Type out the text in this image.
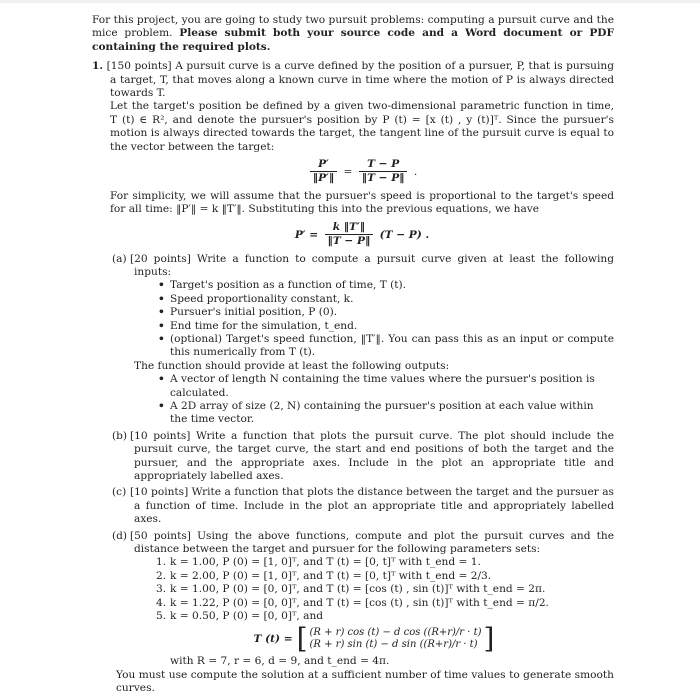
For this project, you are going to study two pursuit problems: computing a pursuit curve and the mice problem. Please submit both your source code and a Word document or PDF containing the required plots.

1. [150 points] A pursuit curve is a curve defined by the position of a pursuer, P, that is pursuing a target, T, that moves along a known curve in time where the motion of P is always directed towards T.

Let the target's position be defined by a given two-dimensional parametric function in time, T (t) ∈ R², and denote the pursuer's position by P (t) = [x (t) , y (t)]ᵀ. Since the pursuer's motion is always directed towards the target, the tangent line of the pursuit curve is equal to the vector between the target:

$\frac{P'}{‖P'‖} = \frac{T - P}{‖T - P‖}$ .

For simplicity, we will assume that the pursuer's speed is proportional to the target's speed for all time: ‖P′‖ = k ‖T′‖. Substituting this into the previous equations, we have

$P' = \frac{k ‖T'‖}{‖T - P‖} (T - P)$ .

(a) [20 points] Write a function to compute a pursuit curve given at least the following inputs:

• Target's position as a function of time, T (t).
• Speed proportionality constant, k.
• Pursuer's initial position, P (0).
• End time for the simulation, t_end.
• (optional) Target's speed function, ‖T′‖. You can pass this as an input or compute this numerically from T (t).

The function should provide at least the following outputs:

• A vector of length N containing the time values where the pursuer's position is calculated.
• A 2D array of size (2, N) containing the pursuer's position at each value within the time vector.

(b) [10 points] Write a function that plots the pursuit curve. The plot should include the pursuit curve, the target curve, the start and end positions of both the target and the pursuer, and the appropriate axes. Include in the plot an appropriate title and appropriately labelled axes.

(c) [10 points] Write a function that plots the distance between the target and the pursuer as a function of time. Include in the plot an appropriate title and appropriately labelled axes.

(d) [50 points] Using the above functions, compute and plot the pursuit curves and the distance between the target and pursuer for the following parameters sets:

1. k = 1.00, P (0) = [1, 0]ᵀ, and T (t) = [0, t]ᵀ with t_end = 1.
2. k = 2.00, P (0) = [1, 0]ᵀ, and T (t) = [0, t]ᵀ with t_end = 2/3.
3. k = 1.00, P (0) = [0, 0]ᵀ, and T (t) = [cos (t) , sin (t)]ᵀ with t_end = 2π.
4. k = 1.22, P (0) = [0, 0]ᵀ, and T (t) = [cos (t) , sin (t)]ᵀ with t_end = π/2.
5. k = 0.50, P (0) = [0, 0]ᵀ, and
T (t) = [ (R + r) cos (t) − d cos ((R+r)/r · t)
(R + r) sin (t) − d sin ((R+r)/r · t) ]

with R = 7, r = 6, d = 9, and t_end = 4π.

You must use compute the solution at a sufficient number of time values to generate smooth curves.
